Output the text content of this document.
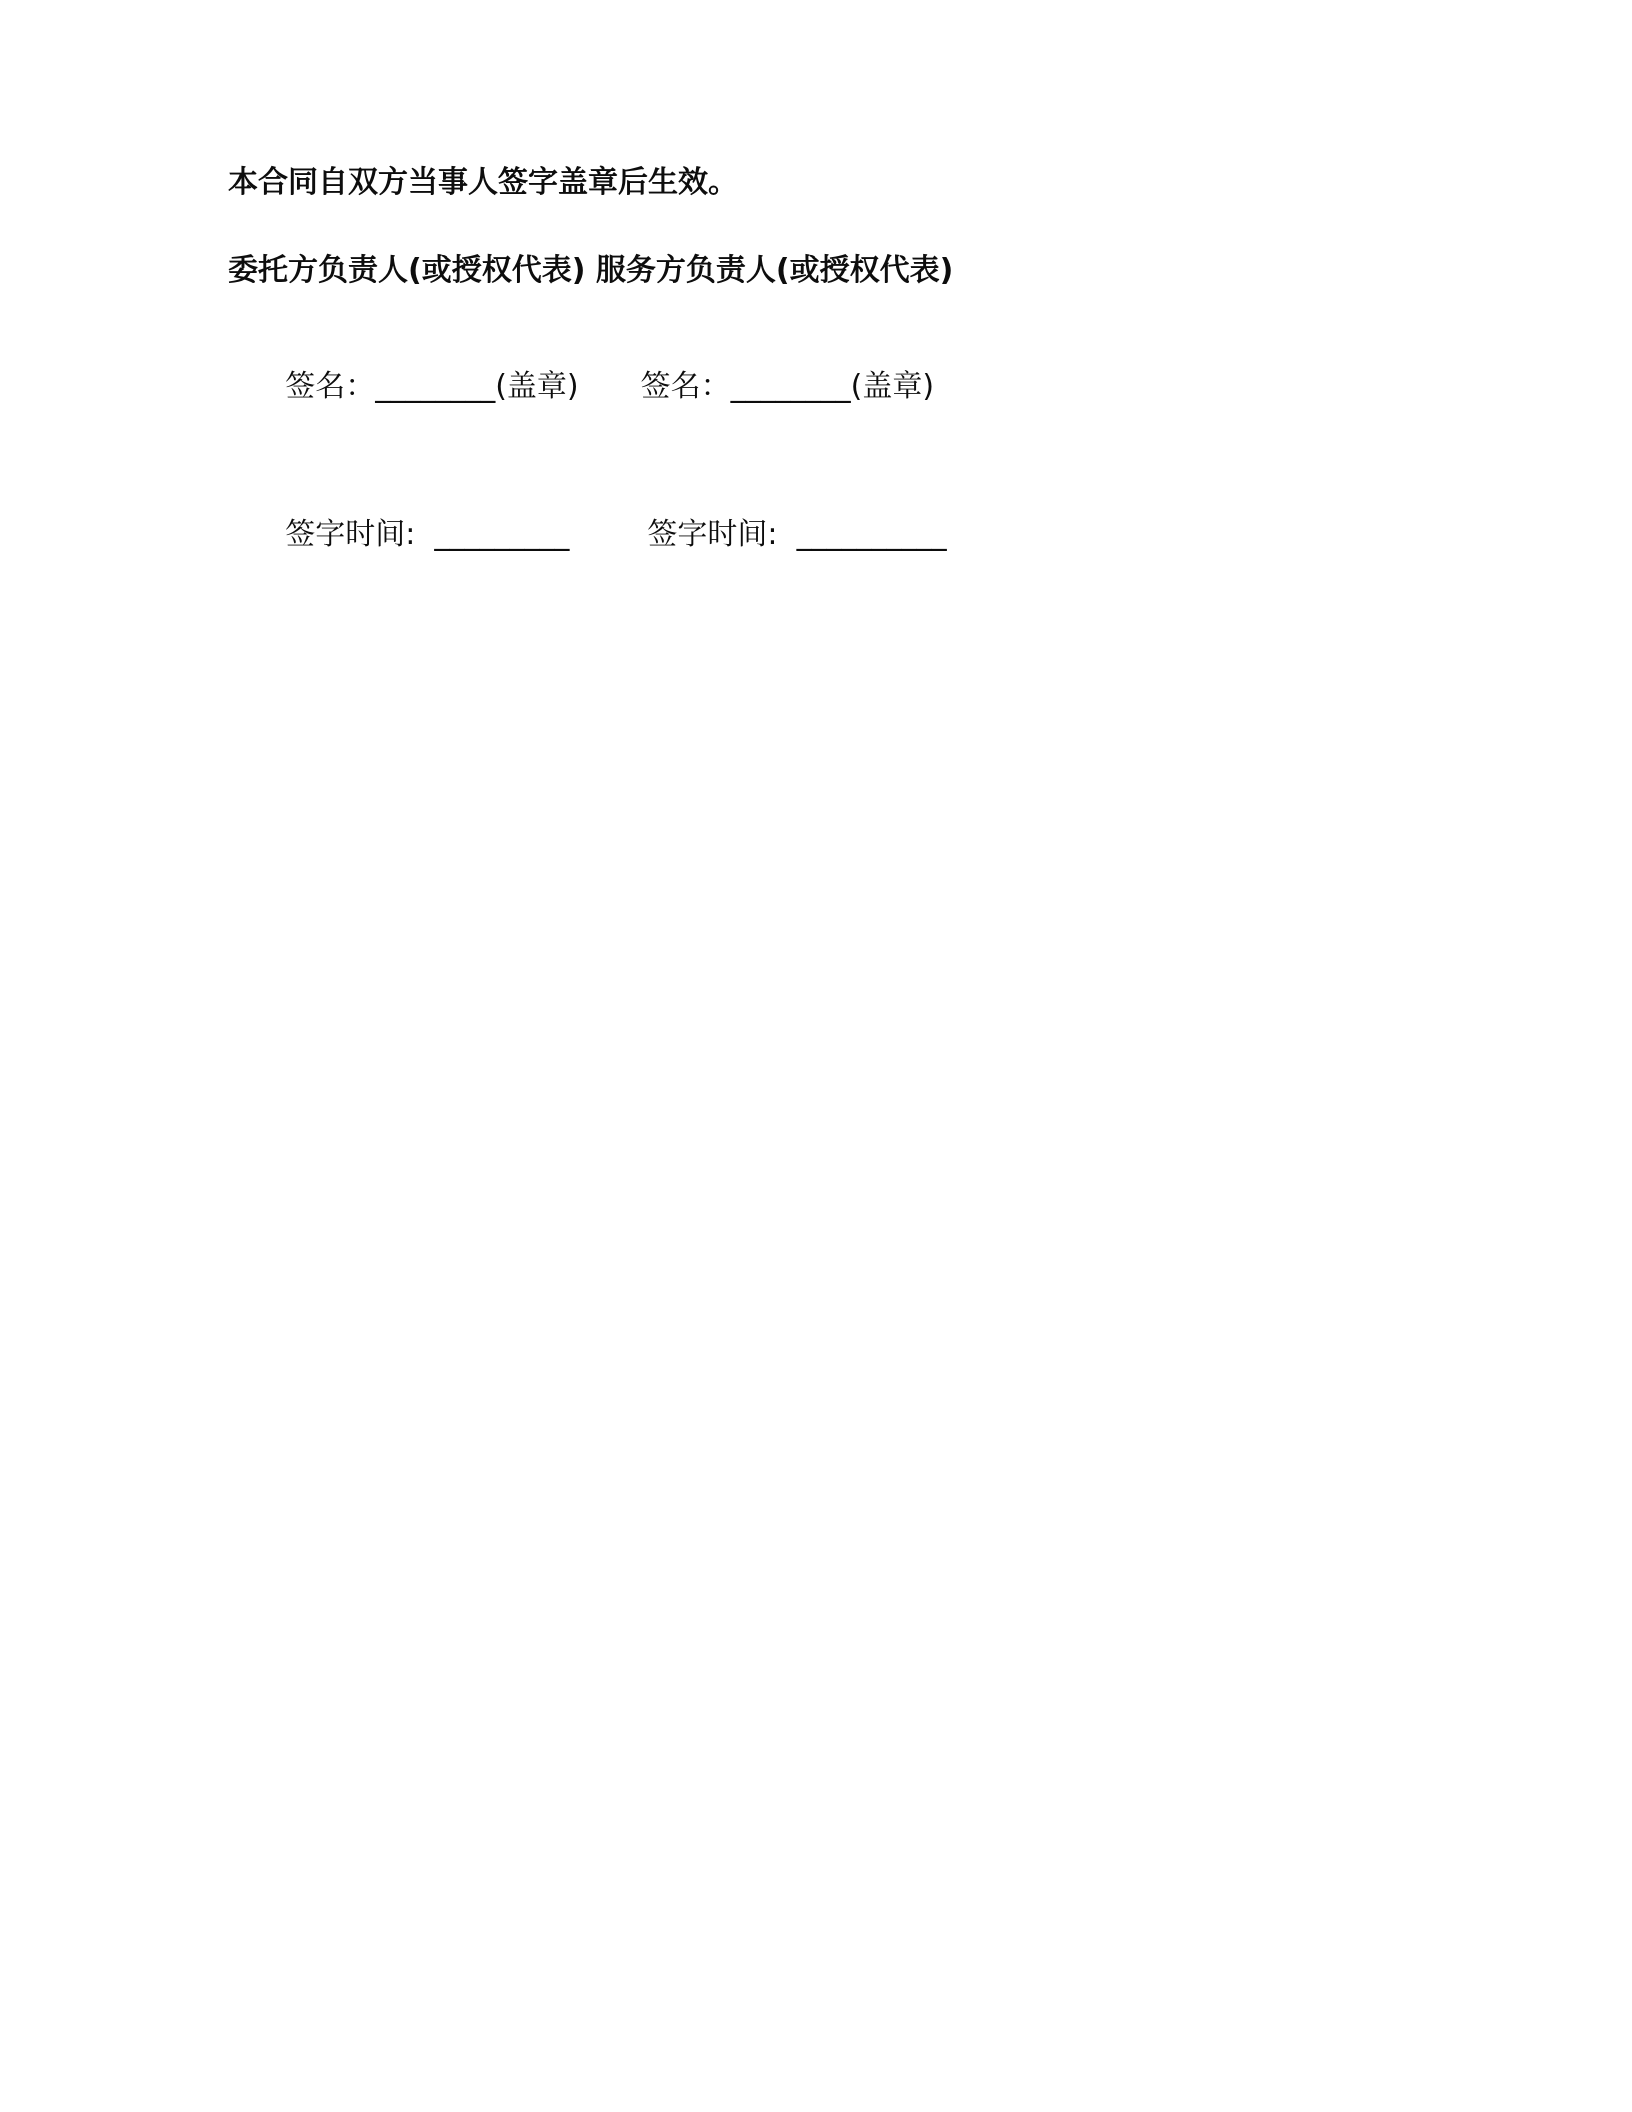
本合同自双方当事人签字盖章后生效。
委托方负责人(或授权代表) 服务方负责人(或授权代表)

签名：________(盖章) 签名：________(盖章)

签字时间:  _________	签字时间:  __________
